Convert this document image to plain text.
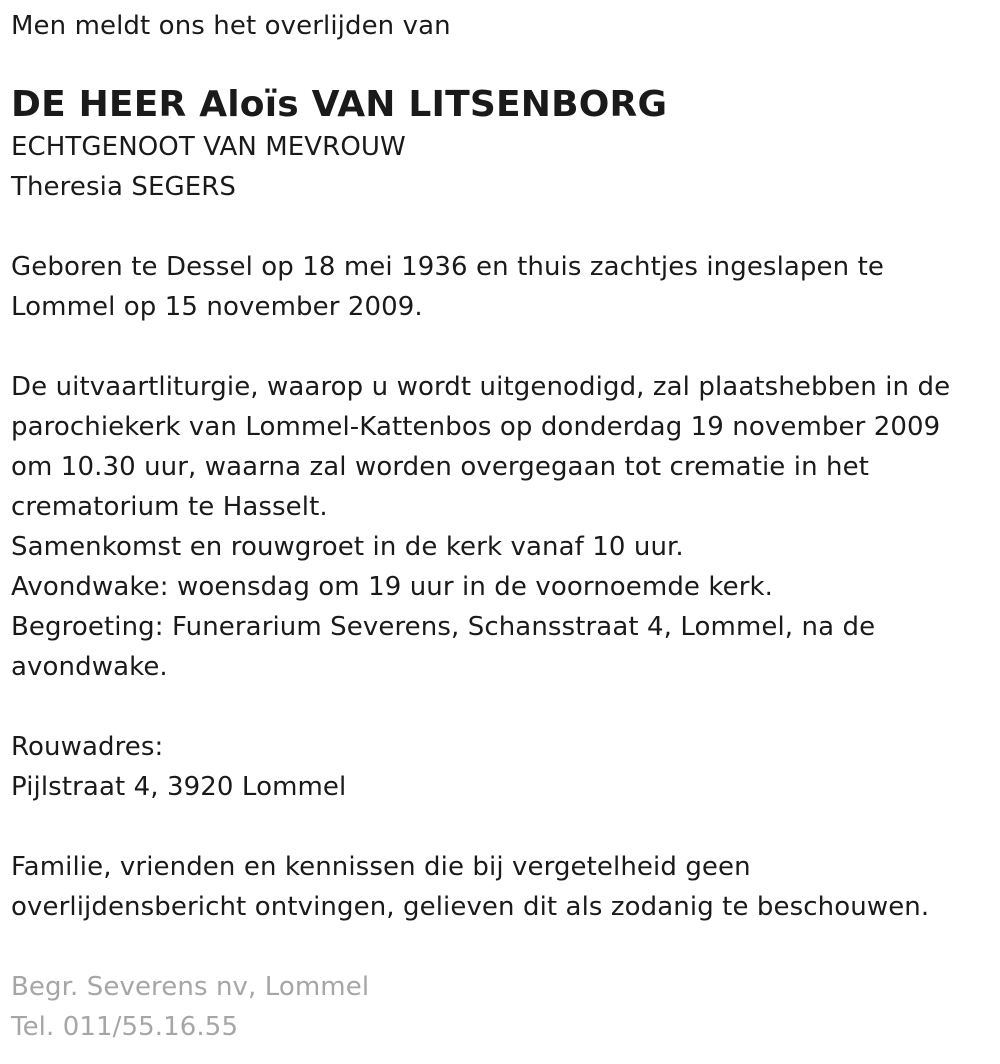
Men meldt ons het overlijden van

DE HEER Aloïs VAN LITSENBORG

ECHTGENOOT VAN MEVROUW

Theresia SEGERS

Geboren te Dessel op 18 mei 1936 en thuis zachtjes ingeslapen te

Lommel op 15 november 2009.

De uitvaartliturgie, waarop u wordt uitgenodigd, zal plaatshebben in de

parochiekerk van Lommel-Kattenbos op donderdag 19 november 2009

om 10.30 uur, waarna zal worden overgegaan tot crematie in het

crematorium te Hasselt.

Samenkomst en rouwgroet in de kerk vanaf 10 uur.

Avondwake: woensdag om 19 uur in de voornoemde kerk.

Begroeting: Funerarium Severens, Schansstraat 4, Lommel, na de

avondwake.

Rouwadres:

Pijlstraat 4, 3920 Lommel

Familie, vrienden en kennissen die bij vergetelheid geen

overlijdensbericht ontvingen, gelieven dit als zodanig te beschouwen.

Begr. Severens nv, Lommel

Tel. 011/55.16.55
